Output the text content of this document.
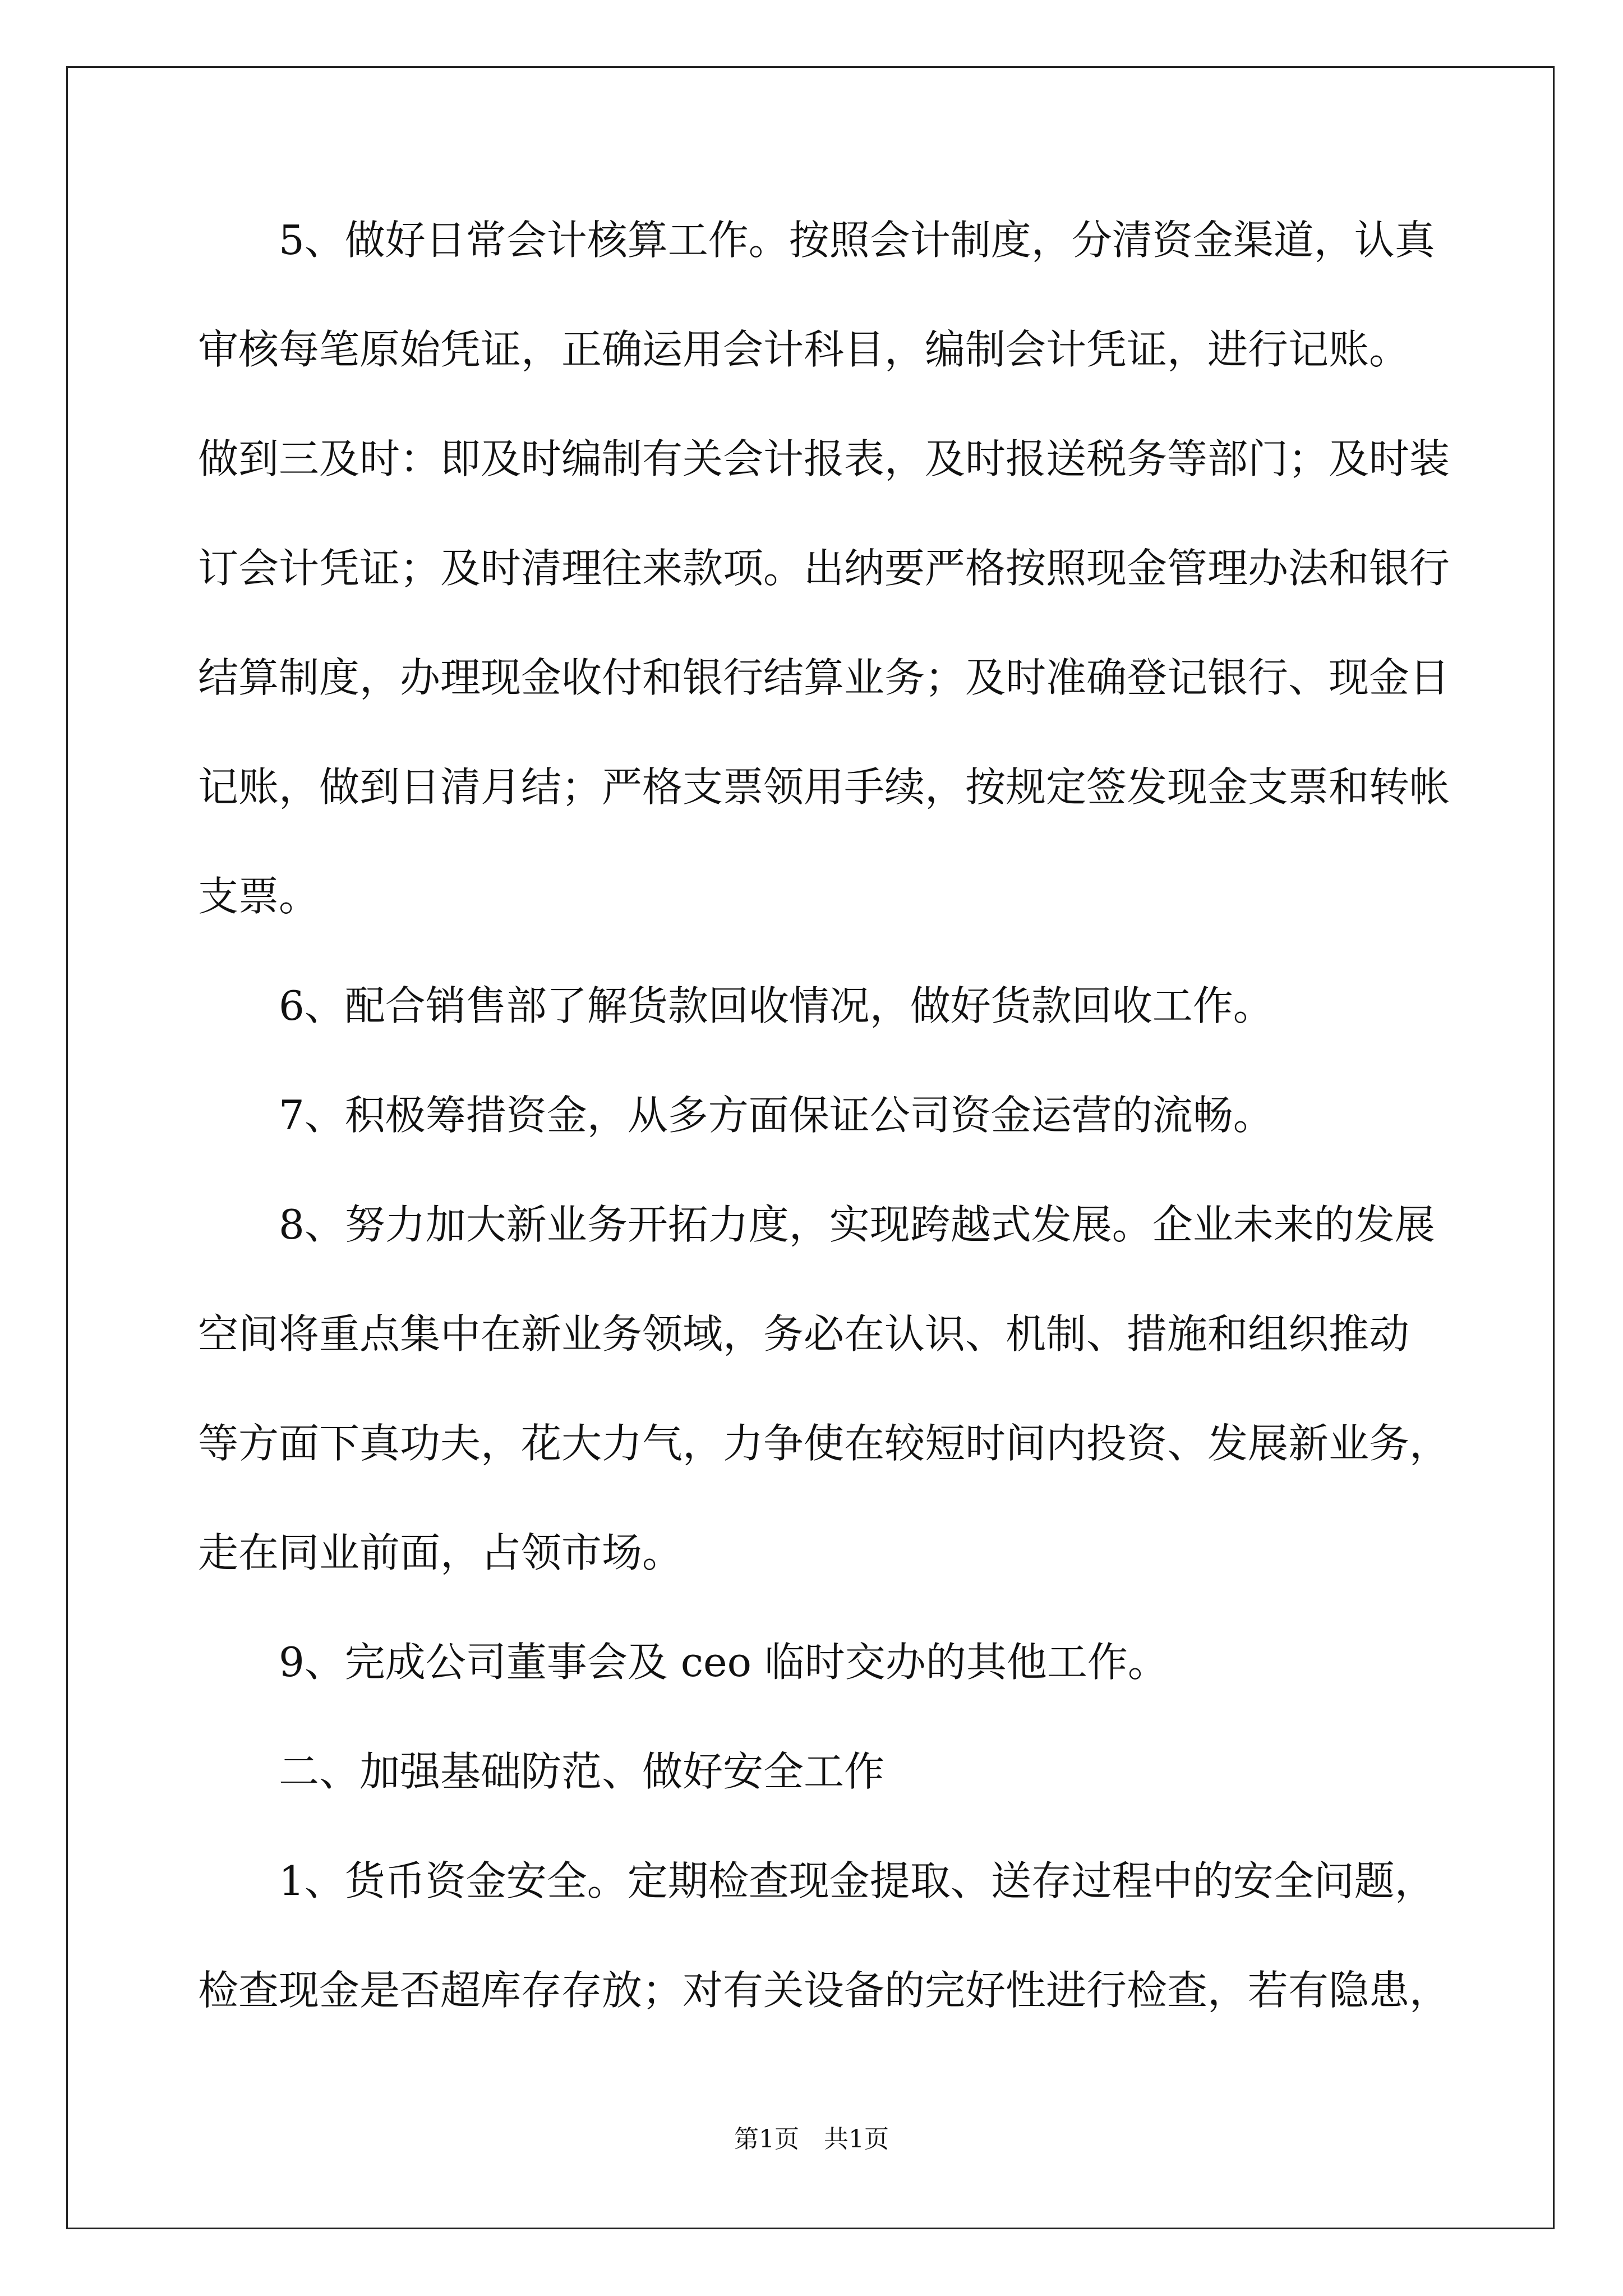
5、做好日常会计核算工作。按照会计制度，分清资金渠道，认真
审核每笔原始凭证，正确运用会计科目，编制会计凭证，进行记账。
做到三及时：即及时编制有关会计报表，及时报送税务等部门；及时装
订会计凭证；及时清理往来款项。出纳要严格按照现金管理办法和银行
结算制度，办理现金收付和银行结算业务；及时准确登记银行、现金日
记账，做到日清月结；严格支票领用手续，按规定签发现金支票和转帐
支票。
6、配合销售部了解货款回收情况，做好货款回收工作。
7、积极筹措资金，从多方面保证公司资金运营的流畅。
8、努力加大新业务开拓力度，实现跨越式发展。企业未来的发展
空间将重点集中在新业务领域，务必在认识、机制、措施和组织推动
等方面下真功夫，花大力气，力争使在较短时间内投资、发展新业务，
走在同业前面，占领市场。
9、完成公司董事会及 ceo 临时交办的其他工作。
二、加强基础防范、做好安全工作
1、货币资金安全。定期检查现金提取、送存过程中的安全问题，
检查现金是否超库存存放；对有关设备的完好性进行检查，若有隐患，
第1页　共1页
